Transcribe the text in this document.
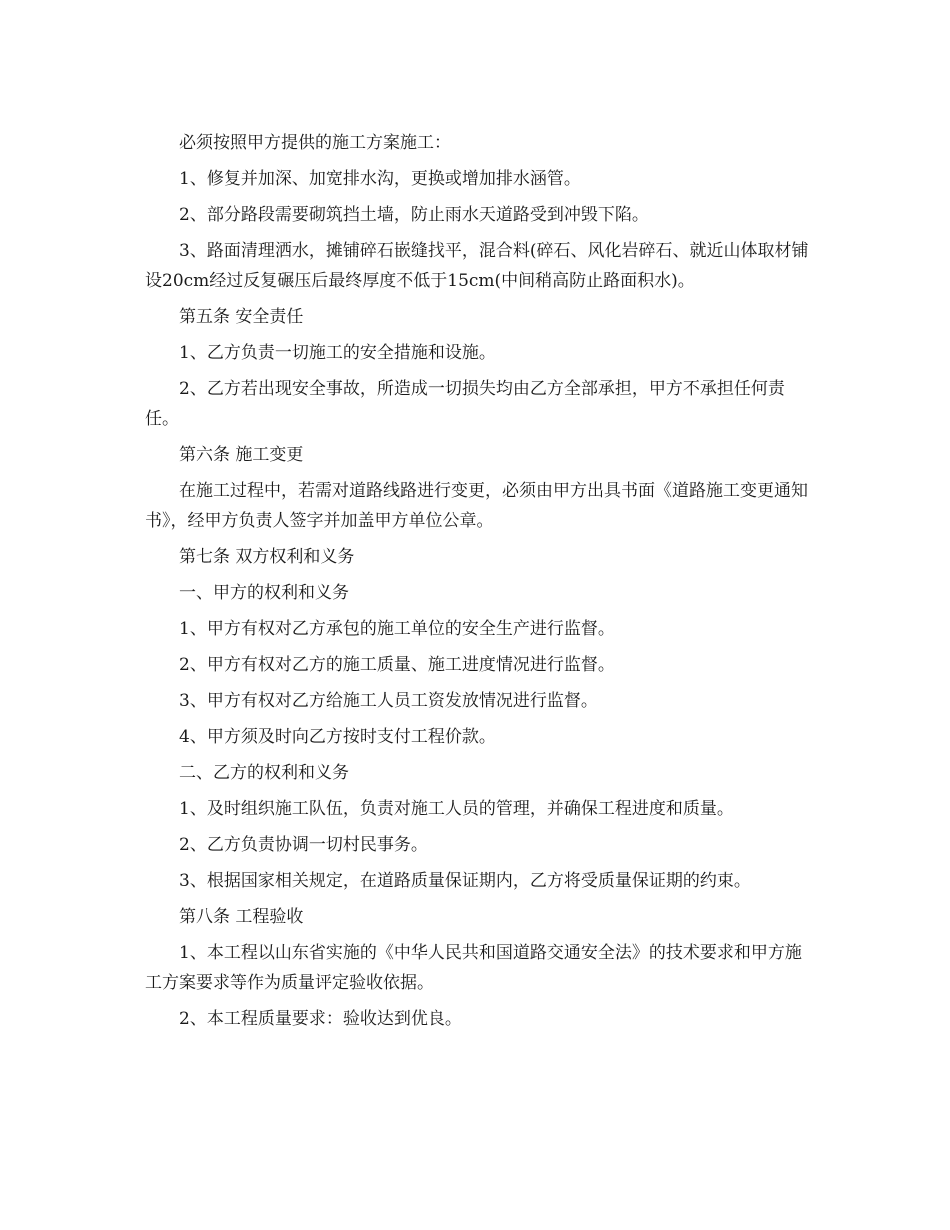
必须按照甲方提供的施工方案施工：

1、修复并加深、加宽排水沟，更换或增加排水涵管。

2、部分路段需要砌筑挡土墙，防止雨水天道路受到冲毁下陷。

3、路面清理洒水，摊铺碎石嵌缝找平，混合料(碎石、风化岩碎石、就近山体取材铺设20cm经过反复碾压后最终厚度不低于15cm(中间稍高防止路面积水)。

第五条 安全责任

1、乙方负责一切施工的安全措施和设施。

2、乙方若出现安全事故，所造成一切损失均由乙方全部承担，甲方不承担任何责任。

第六条 施工变更

在施工过程中，若需对道路线路进行变更，必须由甲方出具书面《道路施工变更通知书》，经甲方负责人签字并加盖甲方单位公章。

第七条 双方权利和义务

一、甲方的权利和义务

1、甲方有权对乙方承包的施工单位的安全生产进行监督。

2、甲方有权对乙方的施工质量、施工进度情况进行监督。

3、甲方有权对乙方给施工人员工资发放情况进行监督。

4、甲方须及时向乙方按时支付工程价款。

二、乙方的权利和义务

1、及时组织施工队伍，负责对施工人员的管理，并确保工程进度和质量。

2、乙方负责协调一切村民事务。

3、根据国家相关规定，在道路质量保证期内，乙方将受质量保证期的约束。

第八条 工程验收

1、本工程以山东省实施的《中华人民共和国道路交通安全法》的技术要求和甲方施工方案要求等作为质量评定验收依据。

2、本工程质量要求：验收达到优良。
